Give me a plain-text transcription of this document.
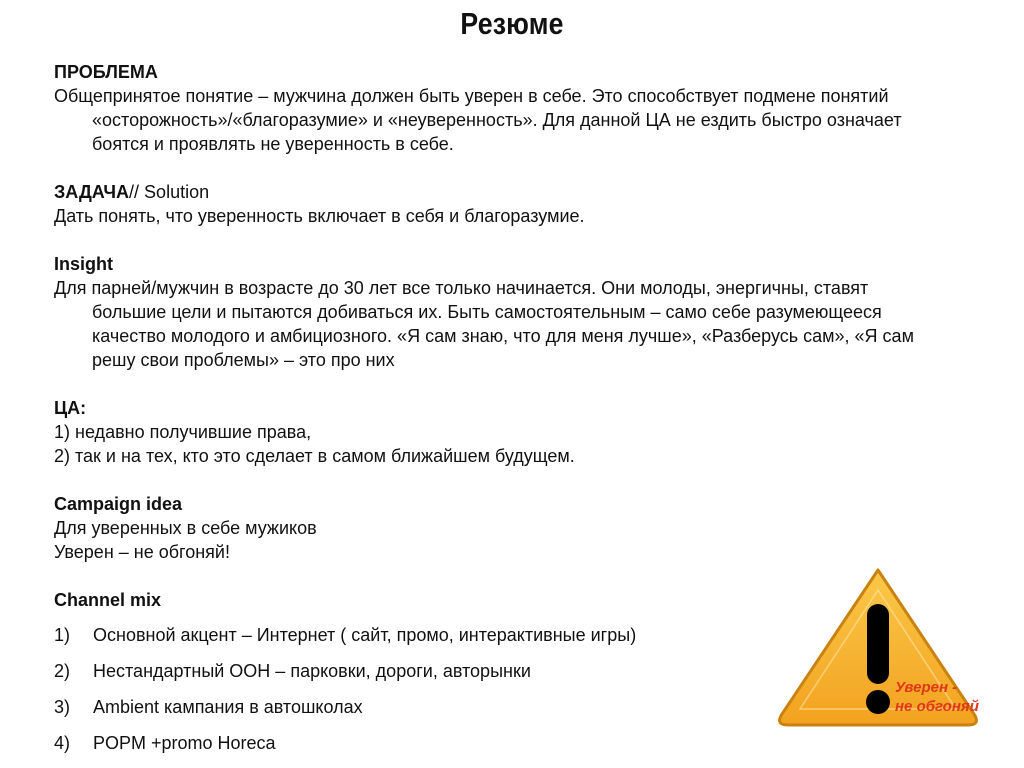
Резюме
ПРОБЛЕМА
Общепринятое понятие – мужчина должен быть уверен в себе. Это способствует подмене понятий «осторожность»/«благоразумие» и «неуверенность». Для данной ЦА не ездить быстро означает боятся и проявлять не уверенность в себе.
ЗАДАЧА// Solution
Дать понять, что уверенность включает в себя и благоразумие.
Insight
Для парней/мужчин в возрасте до 30 лет все только начинается. Они молоды, энергичны, ставят большие цели и пытаются добиваться их. Быть самостоятельным – само себе разумеющееся качество молодого и амбициозного. «Я сам знаю, что для меня лучше», «Разберусь сам», «Я сам решу свои проблемы» – это про них
ЦА:
1) недавно получившие права,
2) так и на тех, кто это сделает в самом ближайшем будущем.
Campaign idea
Для уверенных в себе мужиков
Уверен – не обгоняй!
Channel mix
1)	Основной акцент – Интернет ( сайт, промо, интерактивные игры)
2)	Нестандартный ООН – парковки, дороги, авторынки
3)	Ambient кампания в автошколах
4)	POPM +promo Horeca
Уверен -
не обгоняй
